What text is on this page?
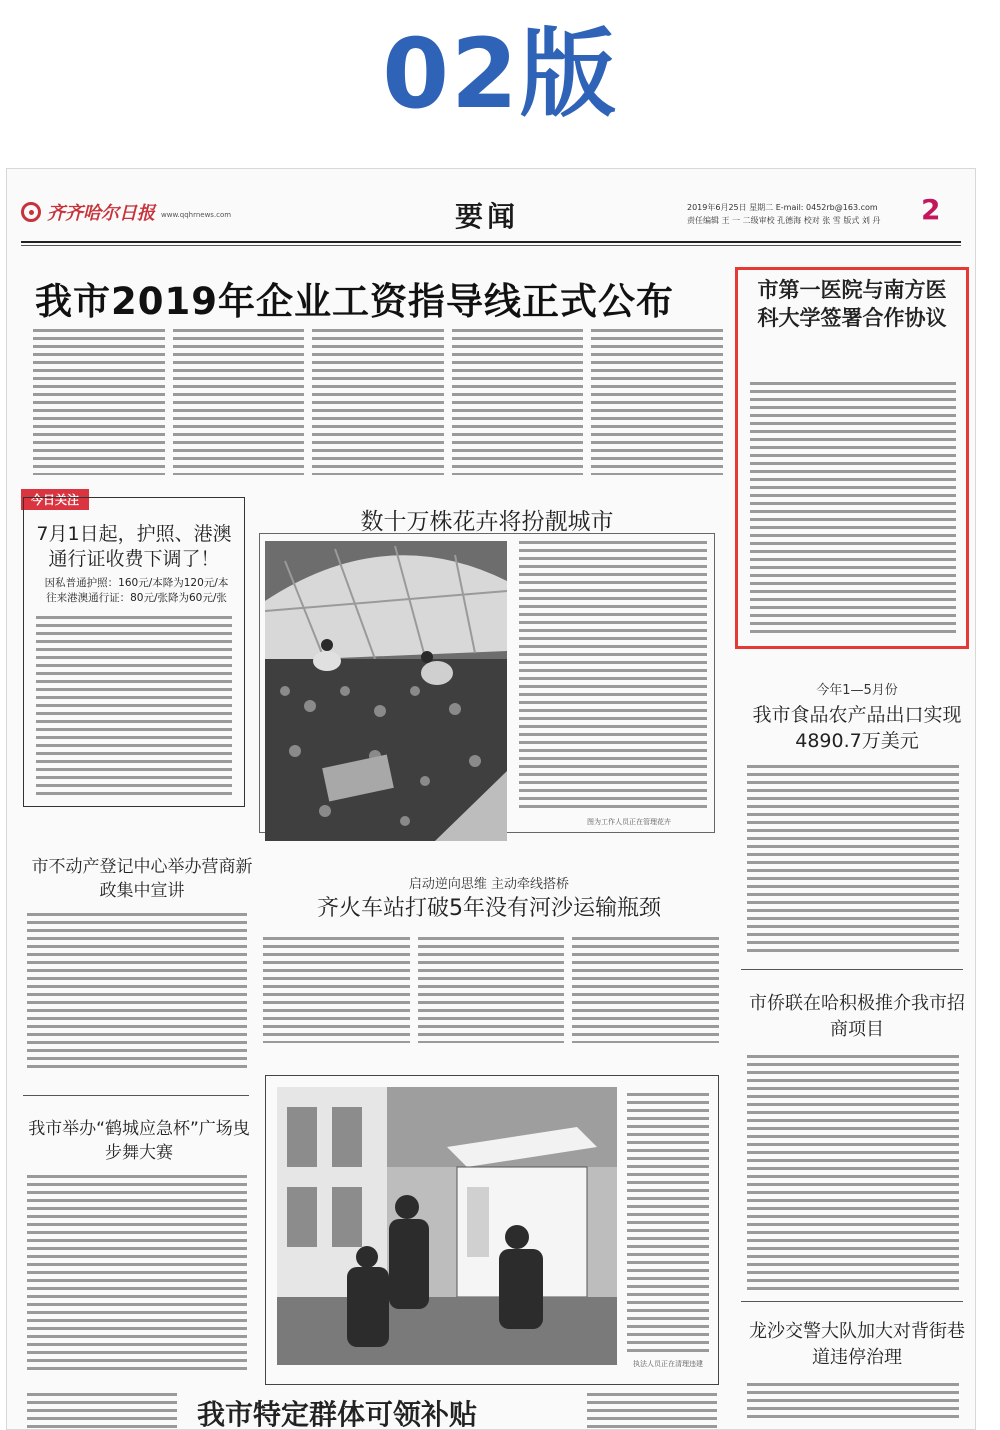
02版
齐齐哈尔日报 www.qqhrnews.com	要闻	2019年6月25日 星期二 E-mail: 0452rb@163.com
责任编辑 王 一 二级审校 孔德海 校对 张 雪 版式 刘 丹	2
我市2019年企业工资指导线正式公布
今日关注
7月1日起，护照、港澳通行证收费下调了！
因私普通护照：160元/本降为120元/本
往来港澳通行证：80元/张降为60元/张
数十万株花卉将扮靓城市
图为工作人员正在管理花卉
市第一医院与南方医科大学签署合作协议
今年1—5月份
我市食品农产品出口实现4890.7万美元
市不动产登记中心举办营商新政集中宣讲	启动逆向思维 主动牵线搭桥
齐火车站打破5年没有河沙运输瓶颈
市侨联在哈积极推介我市招商项目
我市举办“鹤城应急杯”广场曳步舞大赛
执法人员正在清理违建
龙沙交警大队加大对背街巷道违停治理
我市特定群体可领补贴
